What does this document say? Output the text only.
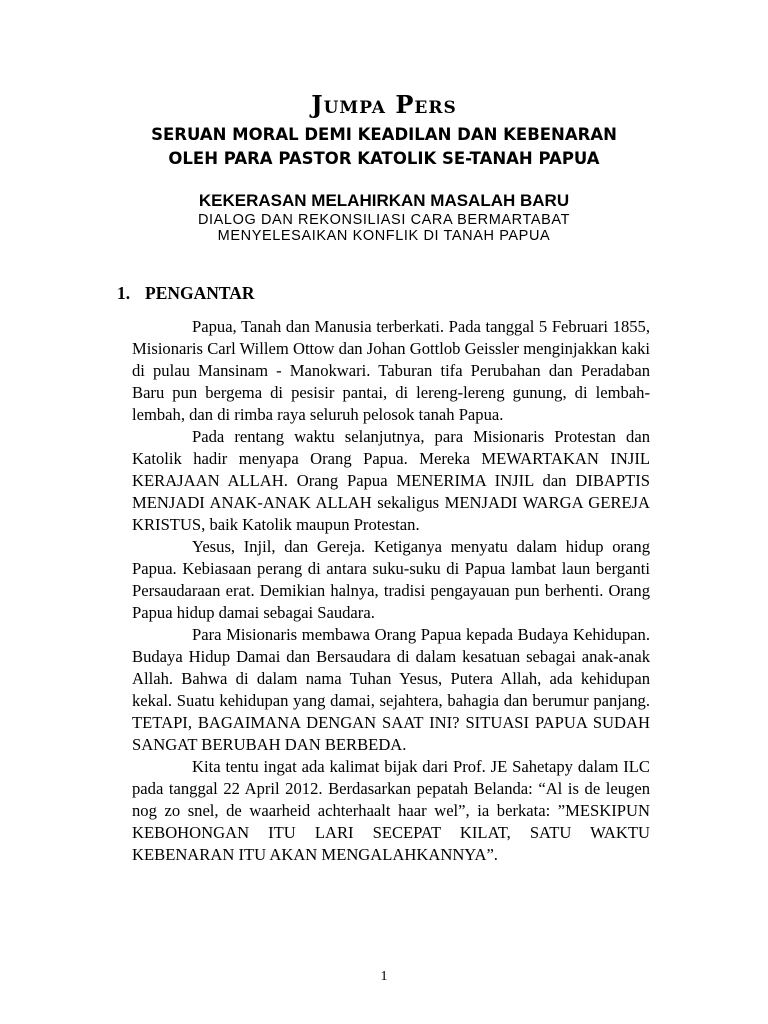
Jumpa Pers
SERUAN MORAL DEMI KEADILAN DAN KEBENARAN
OLEH PARA PASTOR KATOLIK SE-TANAH PAPUA
KEKERASAN MELAHIRKAN MASALAH BARU
DIALOG DAN REKONSILIASI CARA BERMARTABAT
MENYELESAIKAN KONFLIK DI TANAH PAPUA
1. PENGANTAR

Papua, Tanah dan Manusia terberkati. Pada tanggal 5 Februari 1855, Misionaris Carl Willem Ottow dan Johan Gottlob Geissler menginjakkan kaki di pulau Mansinam - Manokwari. Taburan tifa Perubahan dan Peradaban Baru pun bergema di pesisir pantai, di lereng-lereng gunung, di lembah-lembah, dan di rimba raya seluruh pelosok tanah Papua.

Pada rentang waktu selanjutnya, para Misionaris Protestan dan Katolik hadir menyapa Orang Papua. Mereka MEWARTAKAN INJIL KERAJAAN ALLAH. Orang Papua MENERIMA INJIL dan DIBAPTIS MENJADI ANAK-ANAK ALLAH sekaligus MENJADI WARGA GEREJA KRISTUS, baik Katolik maupun Protestan.

Yesus, Injil, dan Gereja. Ketiganya menyatu dalam hidup orang Papua. Kebiasaan perang di antara suku-suku di Papua lambat laun berganti Persaudaraan erat. Demikian halnya, tradisi pengayauan pun berhenti. Orang Papua hidup damai sebagai Saudara.

Para Misionaris membawa Orang Papua kepada Budaya Kehidupan. Budaya Hidup Damai dan Bersaudara di dalam kesatuan sebagai anak-anak Allah. Bahwa di dalam nama Tuhan Yesus, Putera Allah, ada kehidupan kekal. Suatu kehidupan yang damai, sejahtera, bahagia dan berumur panjang. TETAPI, BAGAIMANA DENGAN SAAT INI? SITUASI PAPUA SUDAH SANGAT BERUBAH DAN BERBEDA.

Kita tentu ingat ada kalimat bijak dari Prof. JE Sahetapy dalam ILC pada tanggal 22 April 2012. Berdasarkan pepatah Belanda: “Al is de leugen nog zo snel, de waarheid achterhaalt haar wel”, ia berkata: ”MESKIPUN KEBOHONGAN ITU LARI SECEPAT KILAT, SATU WAKTU KEBENARAN ITU AKAN MENGALAHKANNYA”.

1
